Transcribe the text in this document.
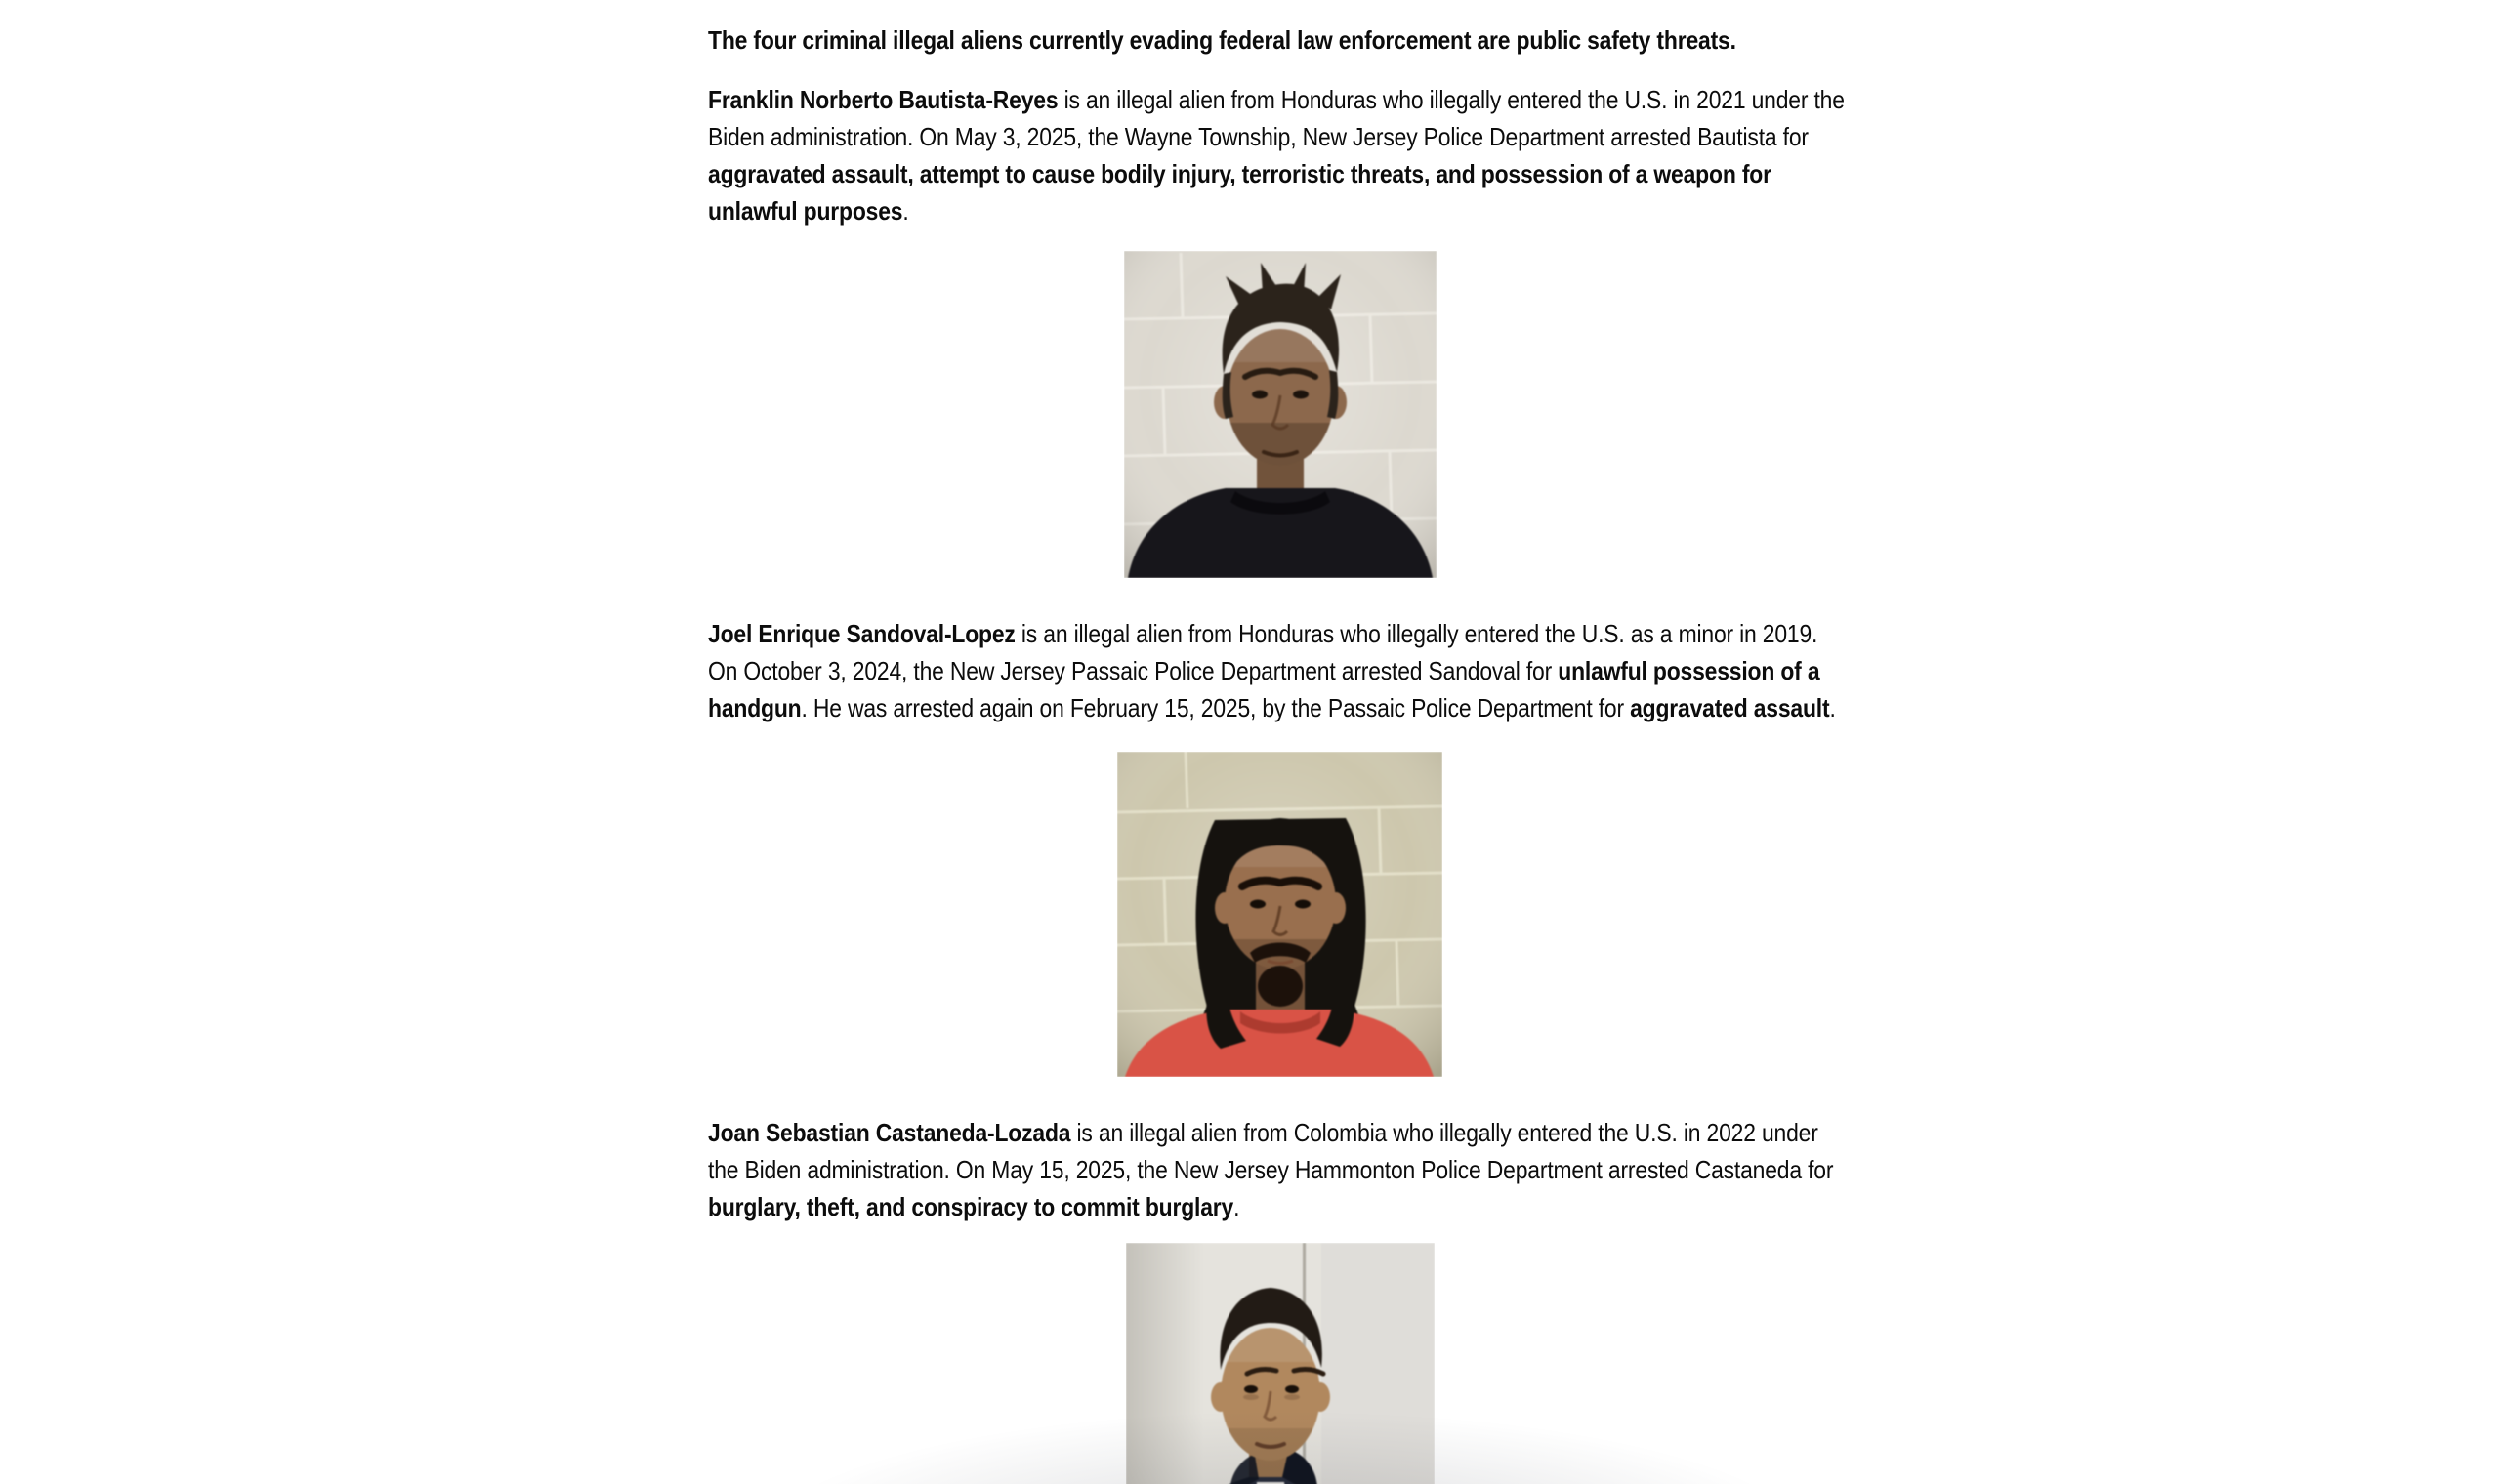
The four criminal illegal aliens currently evading federal law enforcement are public safety threats.

Franklin Norberto Bautista-Reyes is an illegal alien from Honduras who illegally entered the U.S. in 2021 under the Biden administration. On May 3, 2025, the Wayne Township, New Jersey Police Department arrested Bautista for aggravated assault, attempt to cause bodily injury, terroristic threats, and possession of a weapon for unlawful purposes.

Joel Enrique Sandoval-Lopez is an illegal alien from Honduras who illegally entered the U.S. as a minor in 2019. On October 3, 2024, the New Jersey Passaic Police Department arrested Sandoval for unlawful possession of a handgun. He was arrested again on February 15, 2025, by the Passaic Police Department for aggravated assault.

Joan Sebastian Castaneda-Lozada is an illegal alien from Colombia who illegally entered the U.S. in 2022 under the Biden administration. On May 15, 2025, the New Jersey Hammonton Police Department arrested Castaneda for burglary, theft, and conspiracy to commit burglary.
